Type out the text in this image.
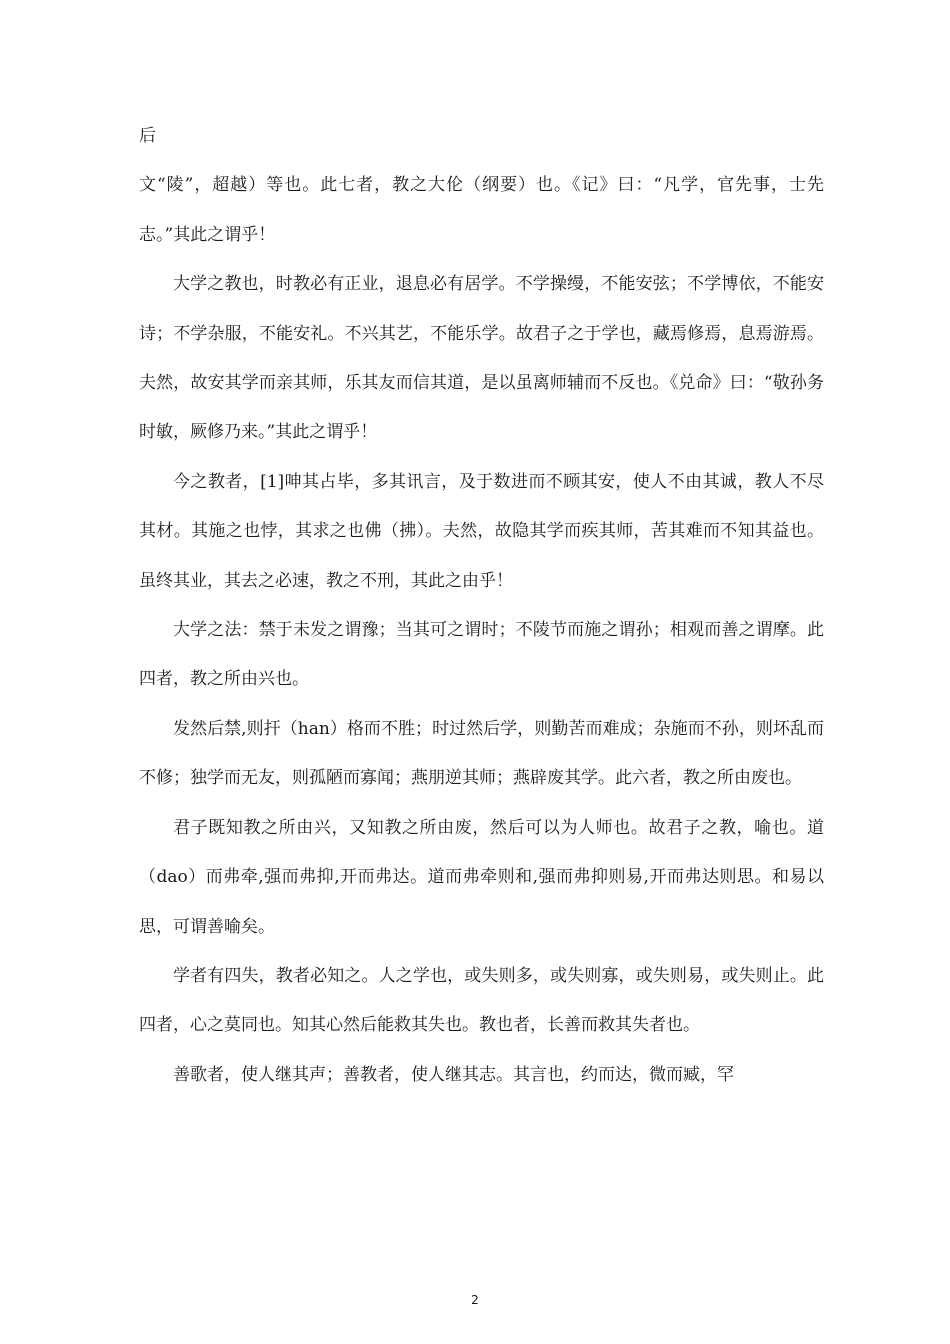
后

文“陵”，超越）等也。此七者，教之大伦（纲要）也。《记》曰：“凡学，官先事，士先志。”其此之谓乎！

大学之教也，时教必有正业，退息必有居学。不学操缦，不能安弦；不学博依，不能安诗；不学杂服，不能安礼。不兴其艺，不能乐学。故君子之于学也，藏焉修焉，息焉游焉。夫然，故安其学而亲其师，乐其友而信其道，是以虽离师辅而不反也。《兑命》曰：“敬孙务时敏，厥修乃来。”其此之谓乎！

今之教者，[1]呻其占毕，多其讯言，及于数进而不顾其安，使人不由其诚，教人不尽其材。其施之也悖，其求之也佛（拂）。夫然，故隐其学而疾其师，苦其难而不知其益也。虽终其业，其去之必速，教之不刑，其此之由乎！

大学之法：禁于未发之谓豫；当其可之谓时；不陵节而施之谓孙；相观而善之谓摩。此四者，教之所由兴也。

发然后禁,则扞（han）格而不胜；时过然后学，则勤苦而难成；杂施而不孙，则坏乱而不修；独学而无友，则孤陋而寡闻；燕朋逆其师；燕辟废其学。此六者，教之所由废也。

君子既知教之所由兴，又知教之所由废，然后可以为人师也。故君子之教，喻也。道（dao）而弗牵,强而弗抑,开而弗达。道而弗牵则和,强而弗抑则易,开而弗达则思。和易以思，可谓善喻矣。

学者有四失，教者必知之。人之学也，或失则多，或失则寡，或失则易，或失则止。此四者，心之莫同也。知其心然后能救其失也。教也者，长善而救其失者也。

善歌者，使人继其声；善教者，使人继其志。其言也，约而达，微而臧，罕

2
